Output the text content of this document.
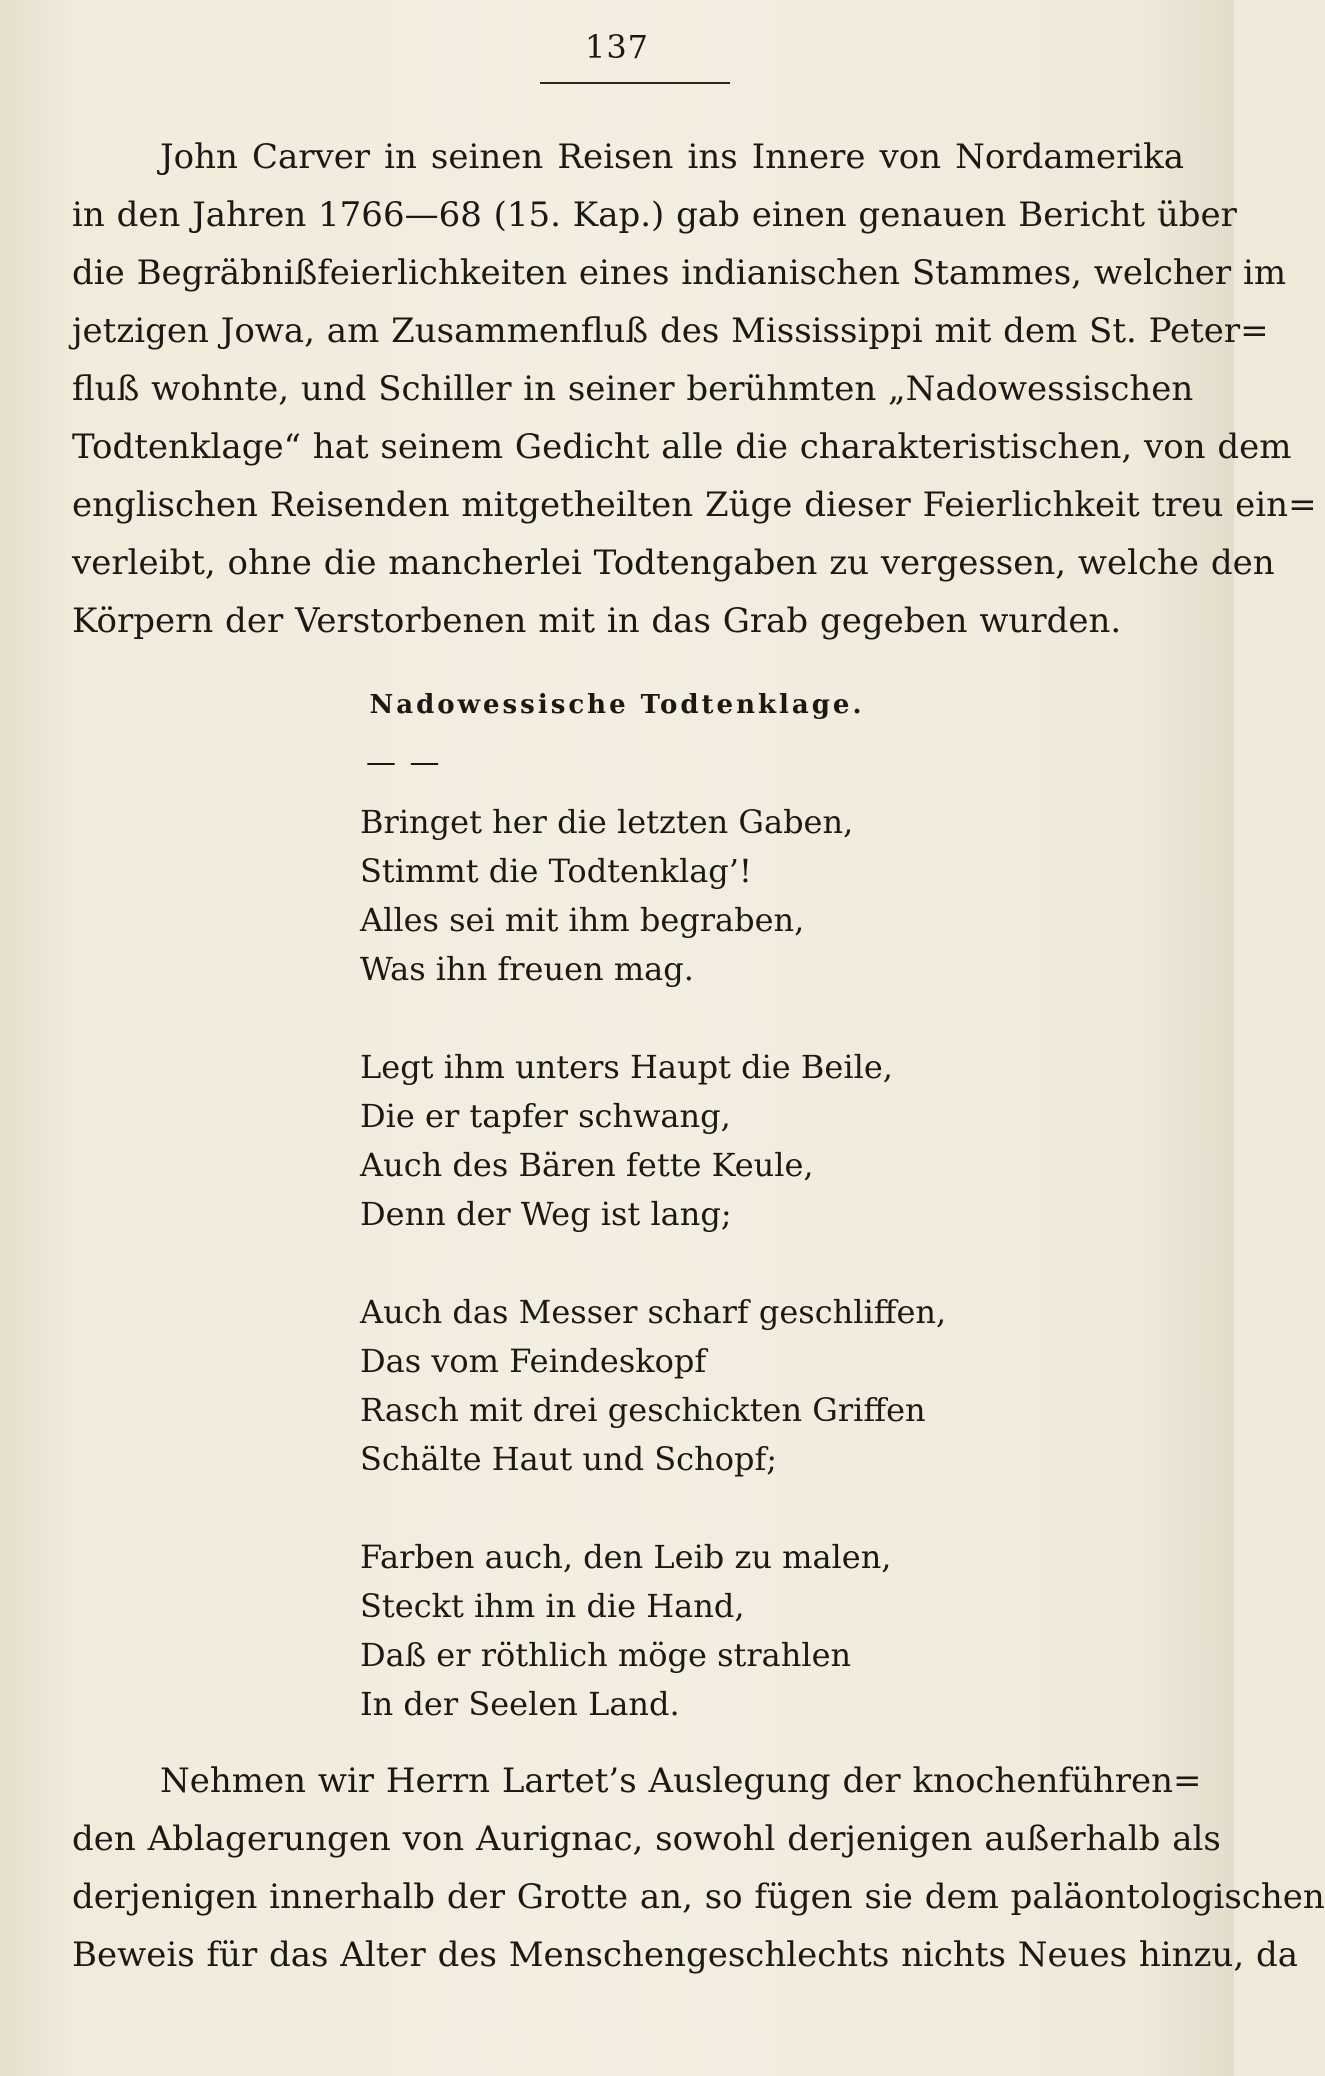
137
John Carver in seinen Reisen ins Innere von Nordamerika
in den Jahren 1766—68 (15. Kap.) gab einen genauen Bericht über
die Begräbnißfeierlichkeiten eines indianischen Stammes, welcher im
jetzigen Jowa, am Zusammenfluß des Mississippi mit dem St. Peter=
fluß wohnte, und Schiller in seiner berühmten „Nadowessischen
Todtenklage“ hat seinem Gedicht alle die charakteristischen, von dem
englischen Reisenden mitgetheilten Züge dieser Feierlichkeit treu ein=
verleibt, ohne die mancherlei Todtengaben zu vergessen, welche den
Körpern der Verstorbenen mit in das Grab gegeben wurden.
Nadowessische Todtenklage.
— —
Bringet her die letzten Gaben,
Stimmt die Todtenklag’!
Alles sei mit ihm begraben,
Was ihn freuen mag.
Legt ihm unters Haupt die Beile,
Die er tapfer schwang,
Auch des Bären fette Keule,
Denn der Weg ist lang;
Auch das Messer scharf geschliffen,
Das vom Feindeskopf
Rasch mit drei geschickten Griffen
Schälte Haut und Schopf;
Farben auch, den Leib zu malen,
Steckt ihm in die Hand,
Daß er röthlich möge strahlen
In der Seelen Land.
Nehmen wir Herrn Lartet’s Auslegung der knochenführen=
den Ablagerungen von Aurignac, sowohl derjenigen außerhalb als
derjenigen innerhalb der Grotte an, so fügen sie dem paläontologischen
Beweis für das Alter des Menschengeschlechts nichts Neues hinzu, da
